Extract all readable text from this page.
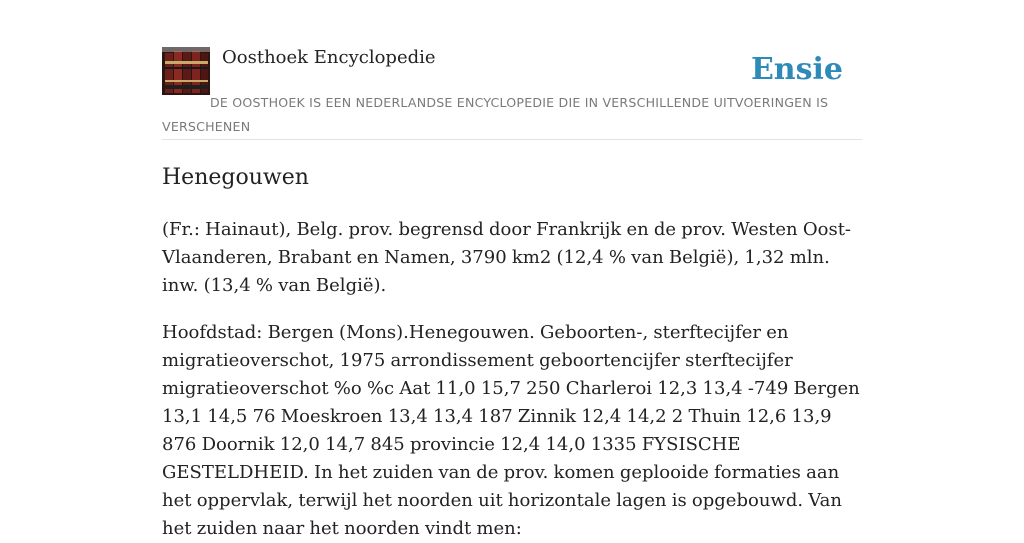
Oosthoek Encyclopedie	Ensie
DE OOSTHOEK IS EEN NEDERLANDSE ENCYCLOPEDIE DIE IN VERSCHILLENDE UITVOERINGEN IS VERSCHENEN
Henegouwen

(Fr.: Hainaut), Belg. prov. begrensd door Frankrijk en de prov. Westen Oost-Vlaanderen, Brabant en Namen, 3790 km2 (12,4 % van België), 1,32 mln. inw. (13,4 % van België).

Hoofdstad: Bergen (Mons).Henegouwen. Geboorten-, sterftecijfer en migratieoverschot, 1975 arrondissement geboortencijfer sterftecijfer migratieoverschot %o %c Aat 11,0 15,7 250 Charleroi 12,3 13,4 -749 Bergen 13,1 14,5 76 Moeskroen 13,4 13,4 187 Zinnik 12,4 14,2 2 Thuin 12,6 13,9 876 Doornik 12,0 14,7 845 provincie 12,4 14,0 1335 FYSISCHE GESTELDHEID. In het zuiden van de prov. komen geplooide formaties aan het oppervlak, terwijl het noorden uit horizontale lagen is opgebouwd. Van het zuiden naar het noorden vindt men:
